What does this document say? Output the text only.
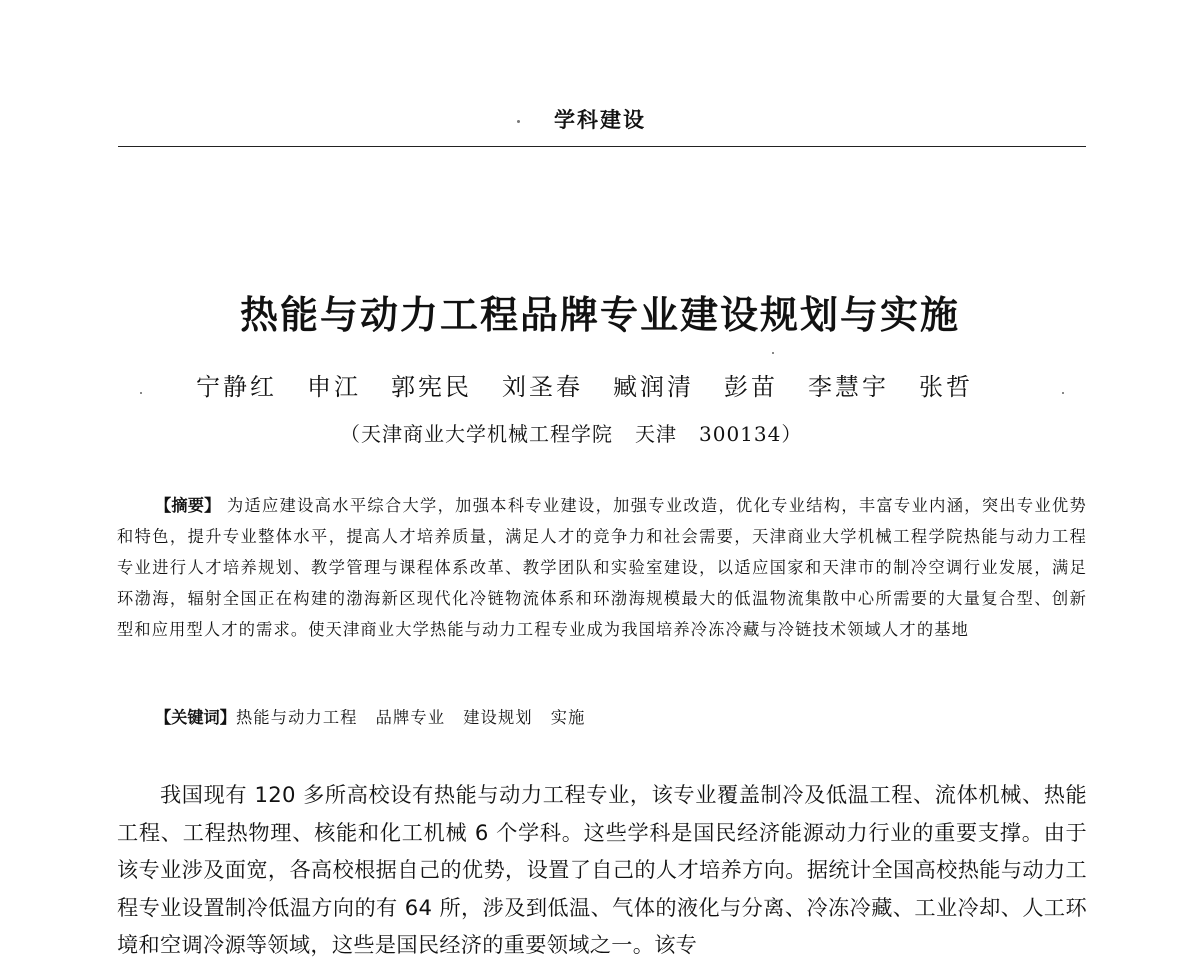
学科建设
热能与动力工程品牌专业建设规划与实施
宁静红 申江 郭宪民 刘圣春 臧润清 彭苗 李慧宇 张哲
（天津商业大学机械工程学院 天津 300134）
【摘要】 为适应建设高水平综合大学，加强本科专业建设，加强专业改造，优化专业结构，丰富专业内涵，突出专业优势和特色，提升专业整体水平，提高人才培养质量，满足人才的竞争力和社会需要，天津商业大学机械工程学院热能与动力工程专业进行人才培养规划、教学管理与课程体系改革、教学团队和实验室建设，以适应国家和天津市的制冷空调行业发展，满足环渤海，辐射全国正在构建的渤海新区现代化冷链物流体系和环渤海规模最大的低温物流集散中心所需要的大量复合型、创新型和应用型人才的需求。使天津商业大学热能与动力工程专业成为我国培养冷冻冷藏与冷链技术领域人才的基地
【关键词】热能与动力工程 品牌专业 建设规划 实施
我国现有 120 多所高校设有热能与动力工程专业，该专业覆盖制冷及低温工程、流体机械、热能工程、工程热物理、核能和化工机械 6 个学科。这些学科是国民经济能源动力行业的重要支撑。由于该专业涉及面宽，各高校根据自己的优势，设置了自己的人才培养方向。据统计全国高校热能与动力工程专业设置制冷低温方向的有 64 所，涉及到低温、气体的液化与分离、冷冻冷藏、工业冷却、人工环境和空调冷源等领域，这些是国民经济的重要领域之一。该专
